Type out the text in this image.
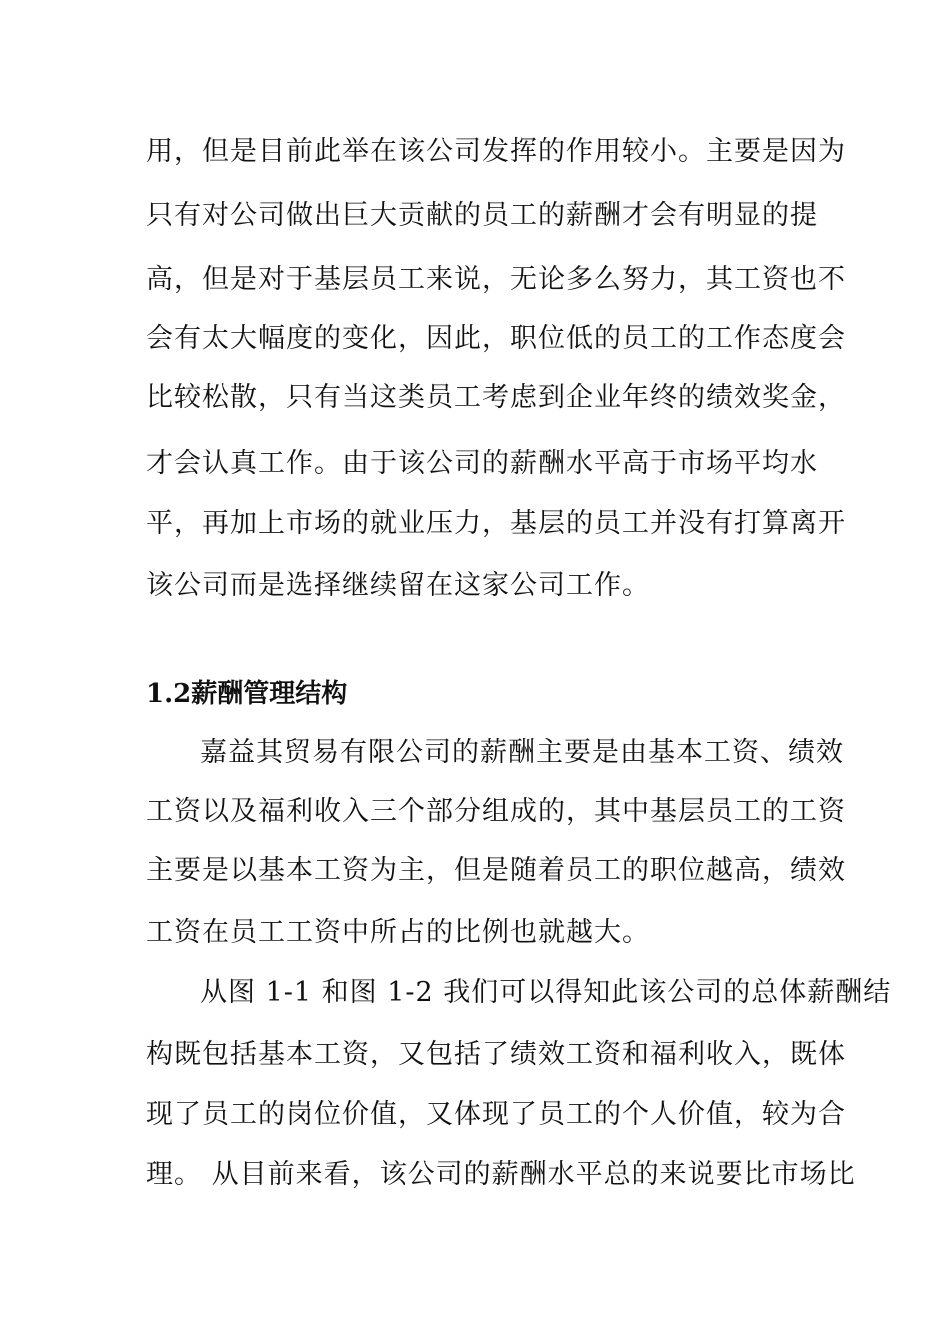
用，但是目前此举在该公司发挥的作用较小。主要是因为
只有对公司做出巨大贡献的员工的薪酬才会有明显的提
高，但是对于基层员工来说，无论多么努力，其工资也不
会有太大幅度的变化，因此，职位低的员工的工作态度会
比较松散，只有当这类员工考虑到企业年终的绩效奖金，
才会认真工作。由于该公司的薪酬水平高于市场平均水
平，再加上市场的就业压力，基层的员工并没有打算离开
该公司而是选择继续留在这家公司工作。
1.2薪酬管理结构
嘉益其贸易有限公司的薪酬主要是由基本工资、绩效
工资以及福利收入三个部分组成的，其中基层员工的工资
主要是以基本工资为主，但是随着员工的职位越高，绩效
工资在员工工资中所占的比例也就越大。
从图 1-1 和图 1-2 我们可以得知此该公司的总体薪酬结
构既包括基本工资，又包括了绩效工资和福利收入，既体
现了员工的岗位价值，又体现了员工的个人价值，较为合
理。 从目前来看，该公司的薪酬水平总的来说要比市场比
